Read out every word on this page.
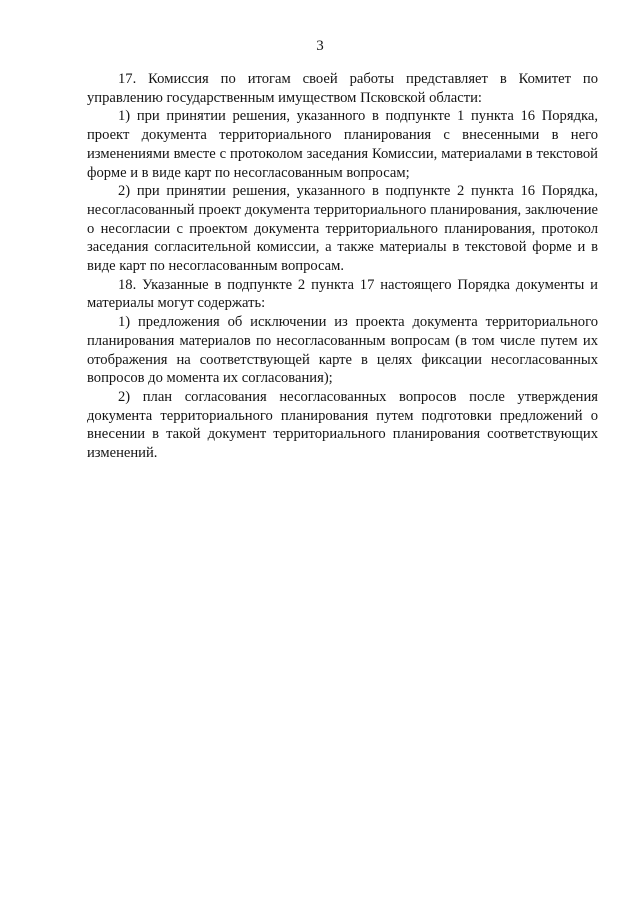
3

17. Комиссия по итогам своей работы представляет в Комитет по управлению государственным имуществом Псковской области:

1) при принятии решения, указанного в подпункте 1 пункта 16 Порядка, проект документа территориального планирования с внесенными в него изменениями вместе с протоколом заседания Комиссии, материалами в текстовой форме и в виде карт по несогласованным вопросам;

2) при принятии решения, указанного в подпункте 2 пункта 16 Порядка, несогласованный проект документа территориального планирования, заключение о несогласии с проектом документа территориального планирования, протокол заседания согласительной комиссии, а также материалы в текстовой форме и в виде карт по несогласованным вопросам.

18. Указанные в подпункте 2 пункта 17 настоящего Порядка документы и материалы могут содержать:

1) предложения об исключении из проекта документа территориального планирования материалов по несогласованным вопросам (в том числе путем их отображения на соответствующей карте в целях фиксации несогласованных вопросов до момента их согласования);

2) план согласования несогласованных вопросов после утверждения документа территориального планирования путем подготовки предложений о внесении в такой документ территориального планирования соответствующих изменений.
